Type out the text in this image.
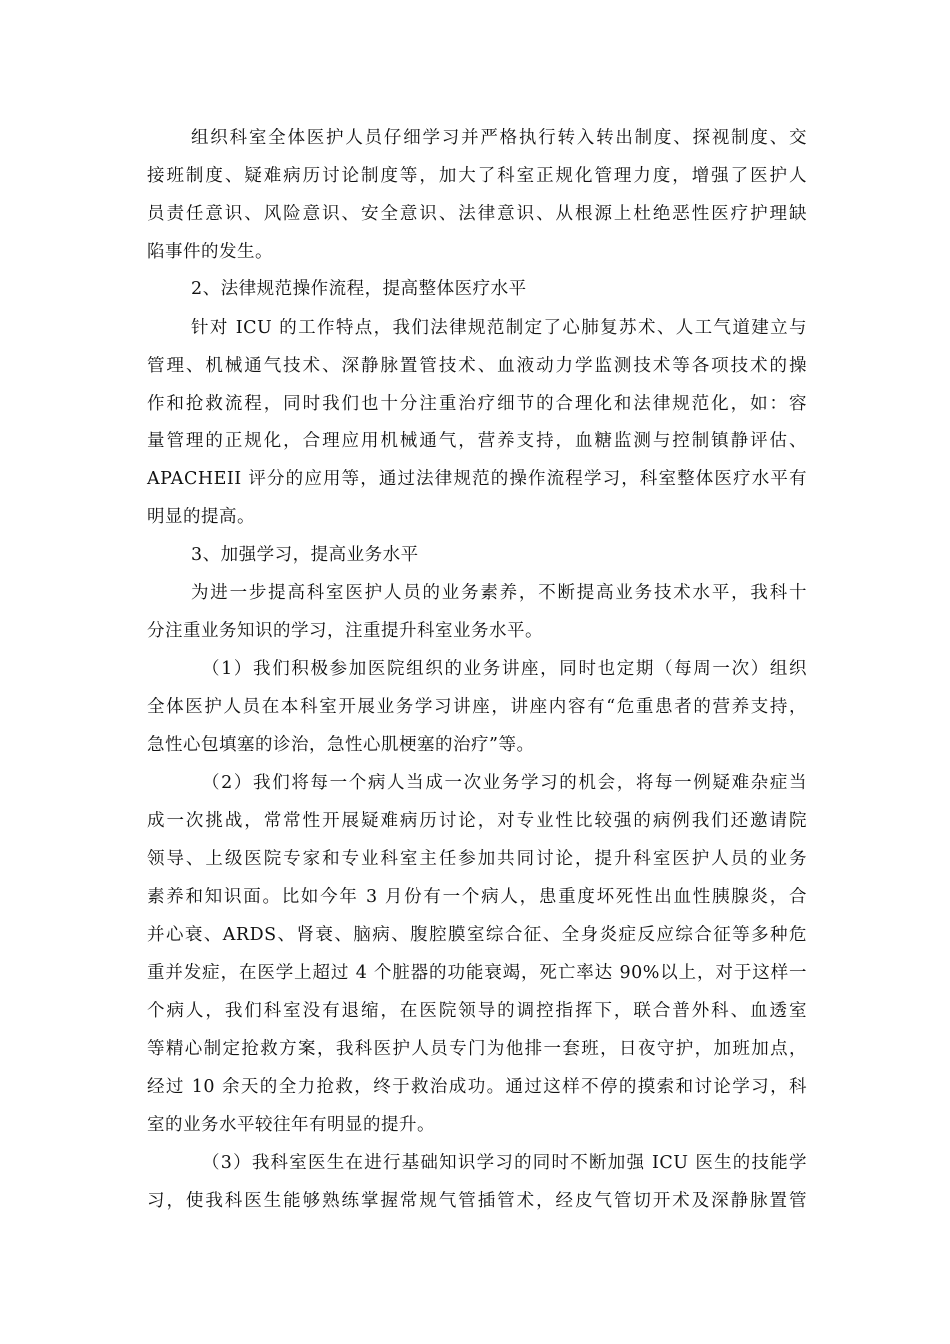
组织科室全体医护人员仔细学习并严格执行转入转出制度、探视制度、交
接班制度、疑难病历讨论制度等，加大了科室正规化管理力度，增强了医护人
员责任意识、风险意识、安全意识、法律意识、从根源上杜绝恶性医疗护理缺
陷事件的发生。
2、法律规范操作流程，提高整体医疗水平
针对 ICU 的工作特点，我们法律规范制定了心肺复苏术、人工气道建立与
管理、机械通气技术、深静脉置管技术、血液动力学监测技术等各项技术的操
作和抢救流程，同时我们也十分注重治疗细节的合理化和法律规范化，如：容
量管理的正规化，合理应用机械通气，营养支持，血糖监测与控制镇静评估、
APACHEII 评分的应用等，通过法律规范的操作流程学习，科室整体医疗水平有
明显的提高。
3、加强学习，提高业务水平
为进一步提高科室医护人员的业务素养，不断提高业务技术水平，我科十
分注重业务知识的学习，注重提升科室业务水平。
（1）我们积极参加医院组织的业务讲座，同时也定期（每周一次）组织
全体医护人员在本科室开展业务学习讲座，讲座内容有“危重患者的营养支持，
急性心包填塞的诊治，急性心肌梗塞的治疗”等。
（2）我们将每一个病人当成一次业务学习的机会，将每一例疑难杂症当
成一次挑战，常常性开展疑难病历讨论，对专业性比较强的病例我们还邀请院
领导、上级医院专家和专业科室主任参加共同讨论，提升科室医护人员的业务
素养和知识面。比如今年 3 月份有一个病人，患重度坏死性出血性胰腺炎，合
并心衰、ARDS、肾衰、脑病、腹腔膜室综合征、全身炎症反应综合征等多种危
重并发症，在医学上超过 4 个脏器的功能衰竭，死亡率达 90%以上，对于这样一
个病人，我们科室没有退缩，在医院领导的调控指挥下，联合普外科、血透室
等精心制定抢救方案，我科医护人员专门为他排一套班，日夜守护，加班加点，
经过 10 余天的全力抢救，终于救治成功。通过这样不停的摸索和讨论学习，科
室的业务水平较往年有明显的提升。
（3）我科室医生在进行基础知识学习的同时不断加强 ICU 医生的技能学
习，使我科医生能够熟练掌握常规气管插管术，经皮气管切开术及深静脉置管
